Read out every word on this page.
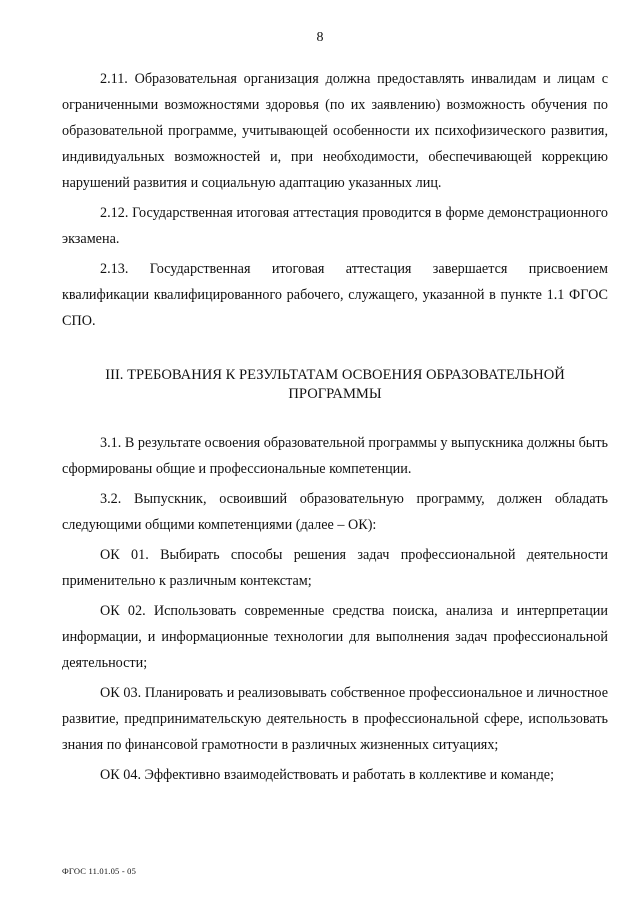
8

2.11. Образовательная организация должна предоставлять инвалидам и лицам с ограниченными возможностями здоровья (по их заявлению) возможность обучения по образовательной программе, учитывающей особенности их психофизического развития, индивидуальных возможностей и, при необходимости, обеспечивающей коррекцию нарушений развития и социальную адаптацию указанных лиц.

2.12. Государственная итоговая аттестация проводится в форме демонстрационного экзамена.

2.13. Государственная итоговая аттестация завершается присвоением квалификации квалифицированного рабочего, служащего, указанной в пункте 1.1 ФГОС СПО.

III. ТРЕБОВАНИЯ К РЕЗУЛЬТАТАМ ОСВОЕНИЯ ОБРАЗОВАТЕЛЬНОЙ ПРОГРАММЫ

3.1. В результате освоения образовательной программы у выпускника должны быть сформированы общие и профессиональные компетенции.

3.2. Выпускник, освоивший образовательную программу, должен обладать следующими общими компетенциями (далее – ОК):

ОК 01. Выбирать способы решения задач профессиональной деятельности применительно к различным контекстам;

ОК 02. Использовать современные средства поиска, анализа и интерпретации информации, и информационные технологии для выполнения задач профессиональной деятельности;

ОК 03. Планировать и реализовывать собственное профессиональное и личностное развитие, предпринимательскую деятельность в профессиональной сфере, использовать знания по финансовой грамотности в различных жизненных ситуациях;

ОК 04. Эффективно взаимодействовать и работать в коллективе и команде;

ФГОС 11.01.05 - 05
